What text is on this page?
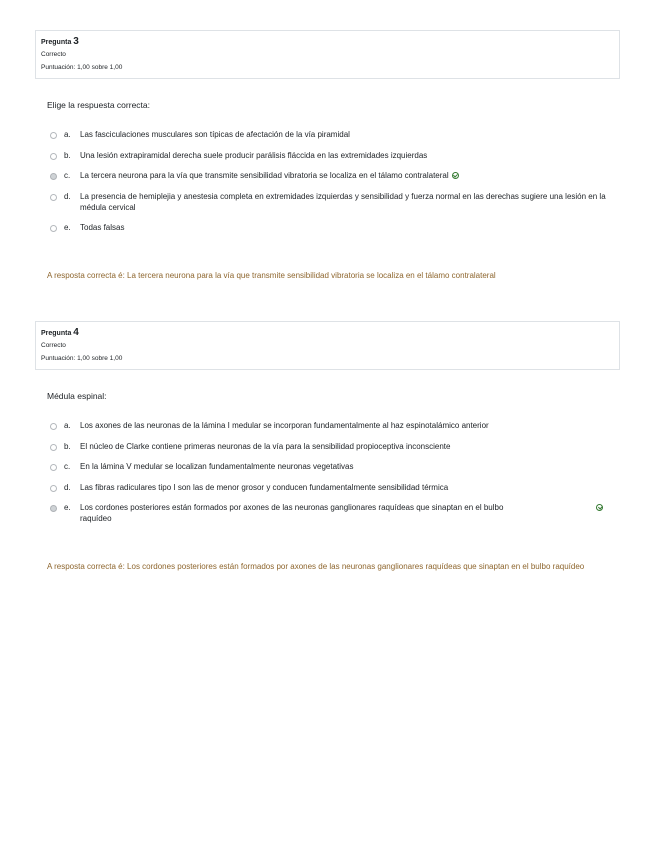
Pregunta 3
Correcto
Puntuación: 1,00 sobre 1,00
Elige la respuesta correcta:
a.	Las fasciculaciones musculares son típicas de afectación de la vía piramidal
b.	Una lesión extrapiramidal derecha suele producir parálisis fláccida en las extremidades izquierdas
c.	La tercera neurona para la vía que transmite sensibilidad vibratoria se localiza en el tálamo contralateral
d.	La presencia de hemiplejia y anestesia completa en extremidades izquierdas y sensibilidad y fuerza normal en las derechas sugiere una lesión en la médula cervical
e.	Todas falsas
A resposta correcta é: La tercera neurona para la vía que transmite sensibilidad vibratoria se localiza en el tálamo contralateral
Pregunta 4
Correcto
Puntuación: 1,00 sobre 1,00
Médula espinal:
a.	Los axones de las neuronas de la lámina I medular se incorporan fundamentalmente al haz espinotalámico anterior
b.	El núcleo de Clarke contiene primeras neuronas de la vía para la sensibilidad propioceptiva inconsciente
c.	En la lámina V medular se localizan fundamentalmente neuronas vegetativas
d.	Las fibras radiculares tipo I son las de menor grosor y conducen fundamentalmente sensibilidad térmica
e.	Los cordones posteriores están formados por axones de las neuronas ganglionares raquídeas que sinaptan en el bulbo raquídeo
A resposta correcta é: Los cordones posteriores están formados por axones de las neuronas ganglionares raquídeas que sinaptan en el bulbo raquídeo
